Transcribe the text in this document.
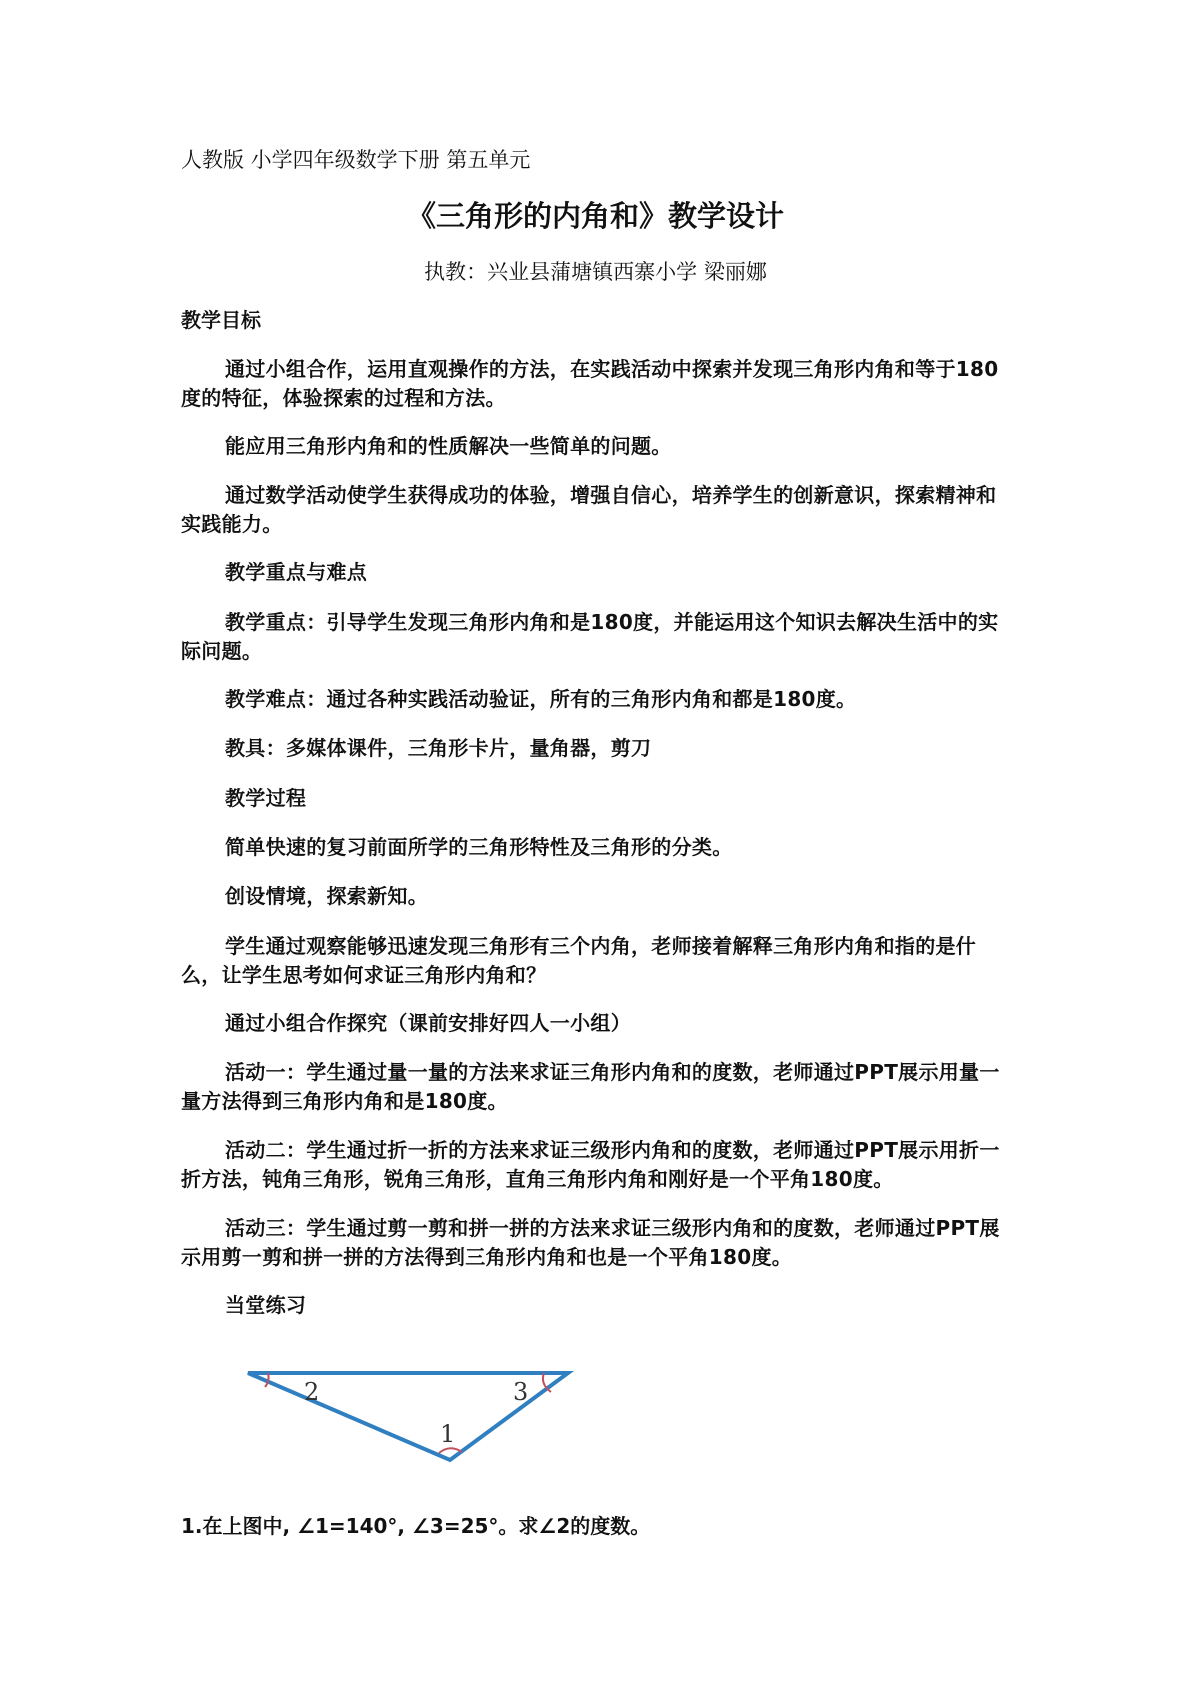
人教版 小学四年级数学下册 第五单元
《三角形的内角和》教学设计
执教：兴业县蒲塘镇西寨小学 梁丽娜
教学目标
通过小组合作，运用直观操作的方法，在实践活动中探索并发现三角形内角和等于180度的特征，体验探索的过程和方法。
能应用三角形内角和的性质解决一些简单的问题。
通过数学活动使学生获得成功的体验，增强自信心，培养学生的创新意识，探索精神和实践能力。
教学重点与难点
教学重点：引导学生发现三角形内角和是180度，并能运用这个知识去解决生活中的实际问题。
教学难点：通过各种实践活动验证，所有的三角形内角和都是180度。
教具：多媒体课件，三角形卡片，量角器，剪刀
教学过程
简单快速的复习前面所学的三角形特性及三角形的分类。
创设情境，探索新知。
学生通过观察能够迅速发现三角形有三个内角，老师接着解释三角形内角和指的是什么，让学生思考如何求证三角形内角和？
通过小组合作探究（课前安排好四人一小组）
活动一：学生通过量一量的方法来求证三角形内角和的度数，老师通过PPT展示用量一量方法得到三角形内角和是180度。
活动二：学生通过折一折的方法来求证三级形内角和的度数，老师通过PPT展示用折一折方法，钝角三角形，锐角三角形，直角三角形内角和刚好是一个平角180度。
活动三：学生通过剪一剪和拼一拼的方法来求证三级形内角和的度数，老师通过PPT展示用剪一剪和拼一拼的方法得到三角形内角和也是一个平角180度。
当堂练习
2	3
1
1.在上图中, ∠1=140°, ∠3=25°。求∠2的度数。
